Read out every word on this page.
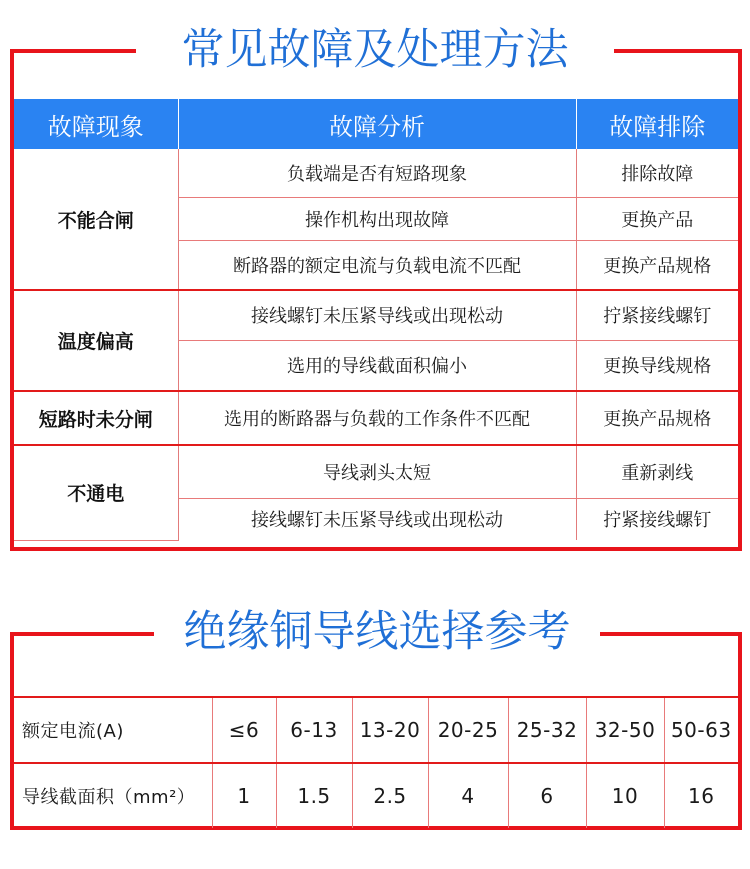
常见故障及处理方法
故障现象	故障分析	故障排除
不能合闸	负载端是否有短路现象	排除故障
	操作机构出现故障	更换产品
	断路器的额定电流与负载电流不匹配	更换产品规格
温度偏高	接线螺钉未压紧导线或出现松动	拧紧接线螺钉
	选用的导线截面积偏小	更换导线规格
短路时未分闸	选用的断路器与负载的工作条件不匹配	更换产品规格
不通电	导线剥头太短	重新剥线
	接线螺钉未压紧导线或出现松动	拧紧接线螺钉
绝缘铜导线选择参考
额定电流(A)	≤6	6-13	13-20	20-25	25-32	32-50	50-63
导线截面积（mm²）	1	1.5	2.5	4	6	10	16
